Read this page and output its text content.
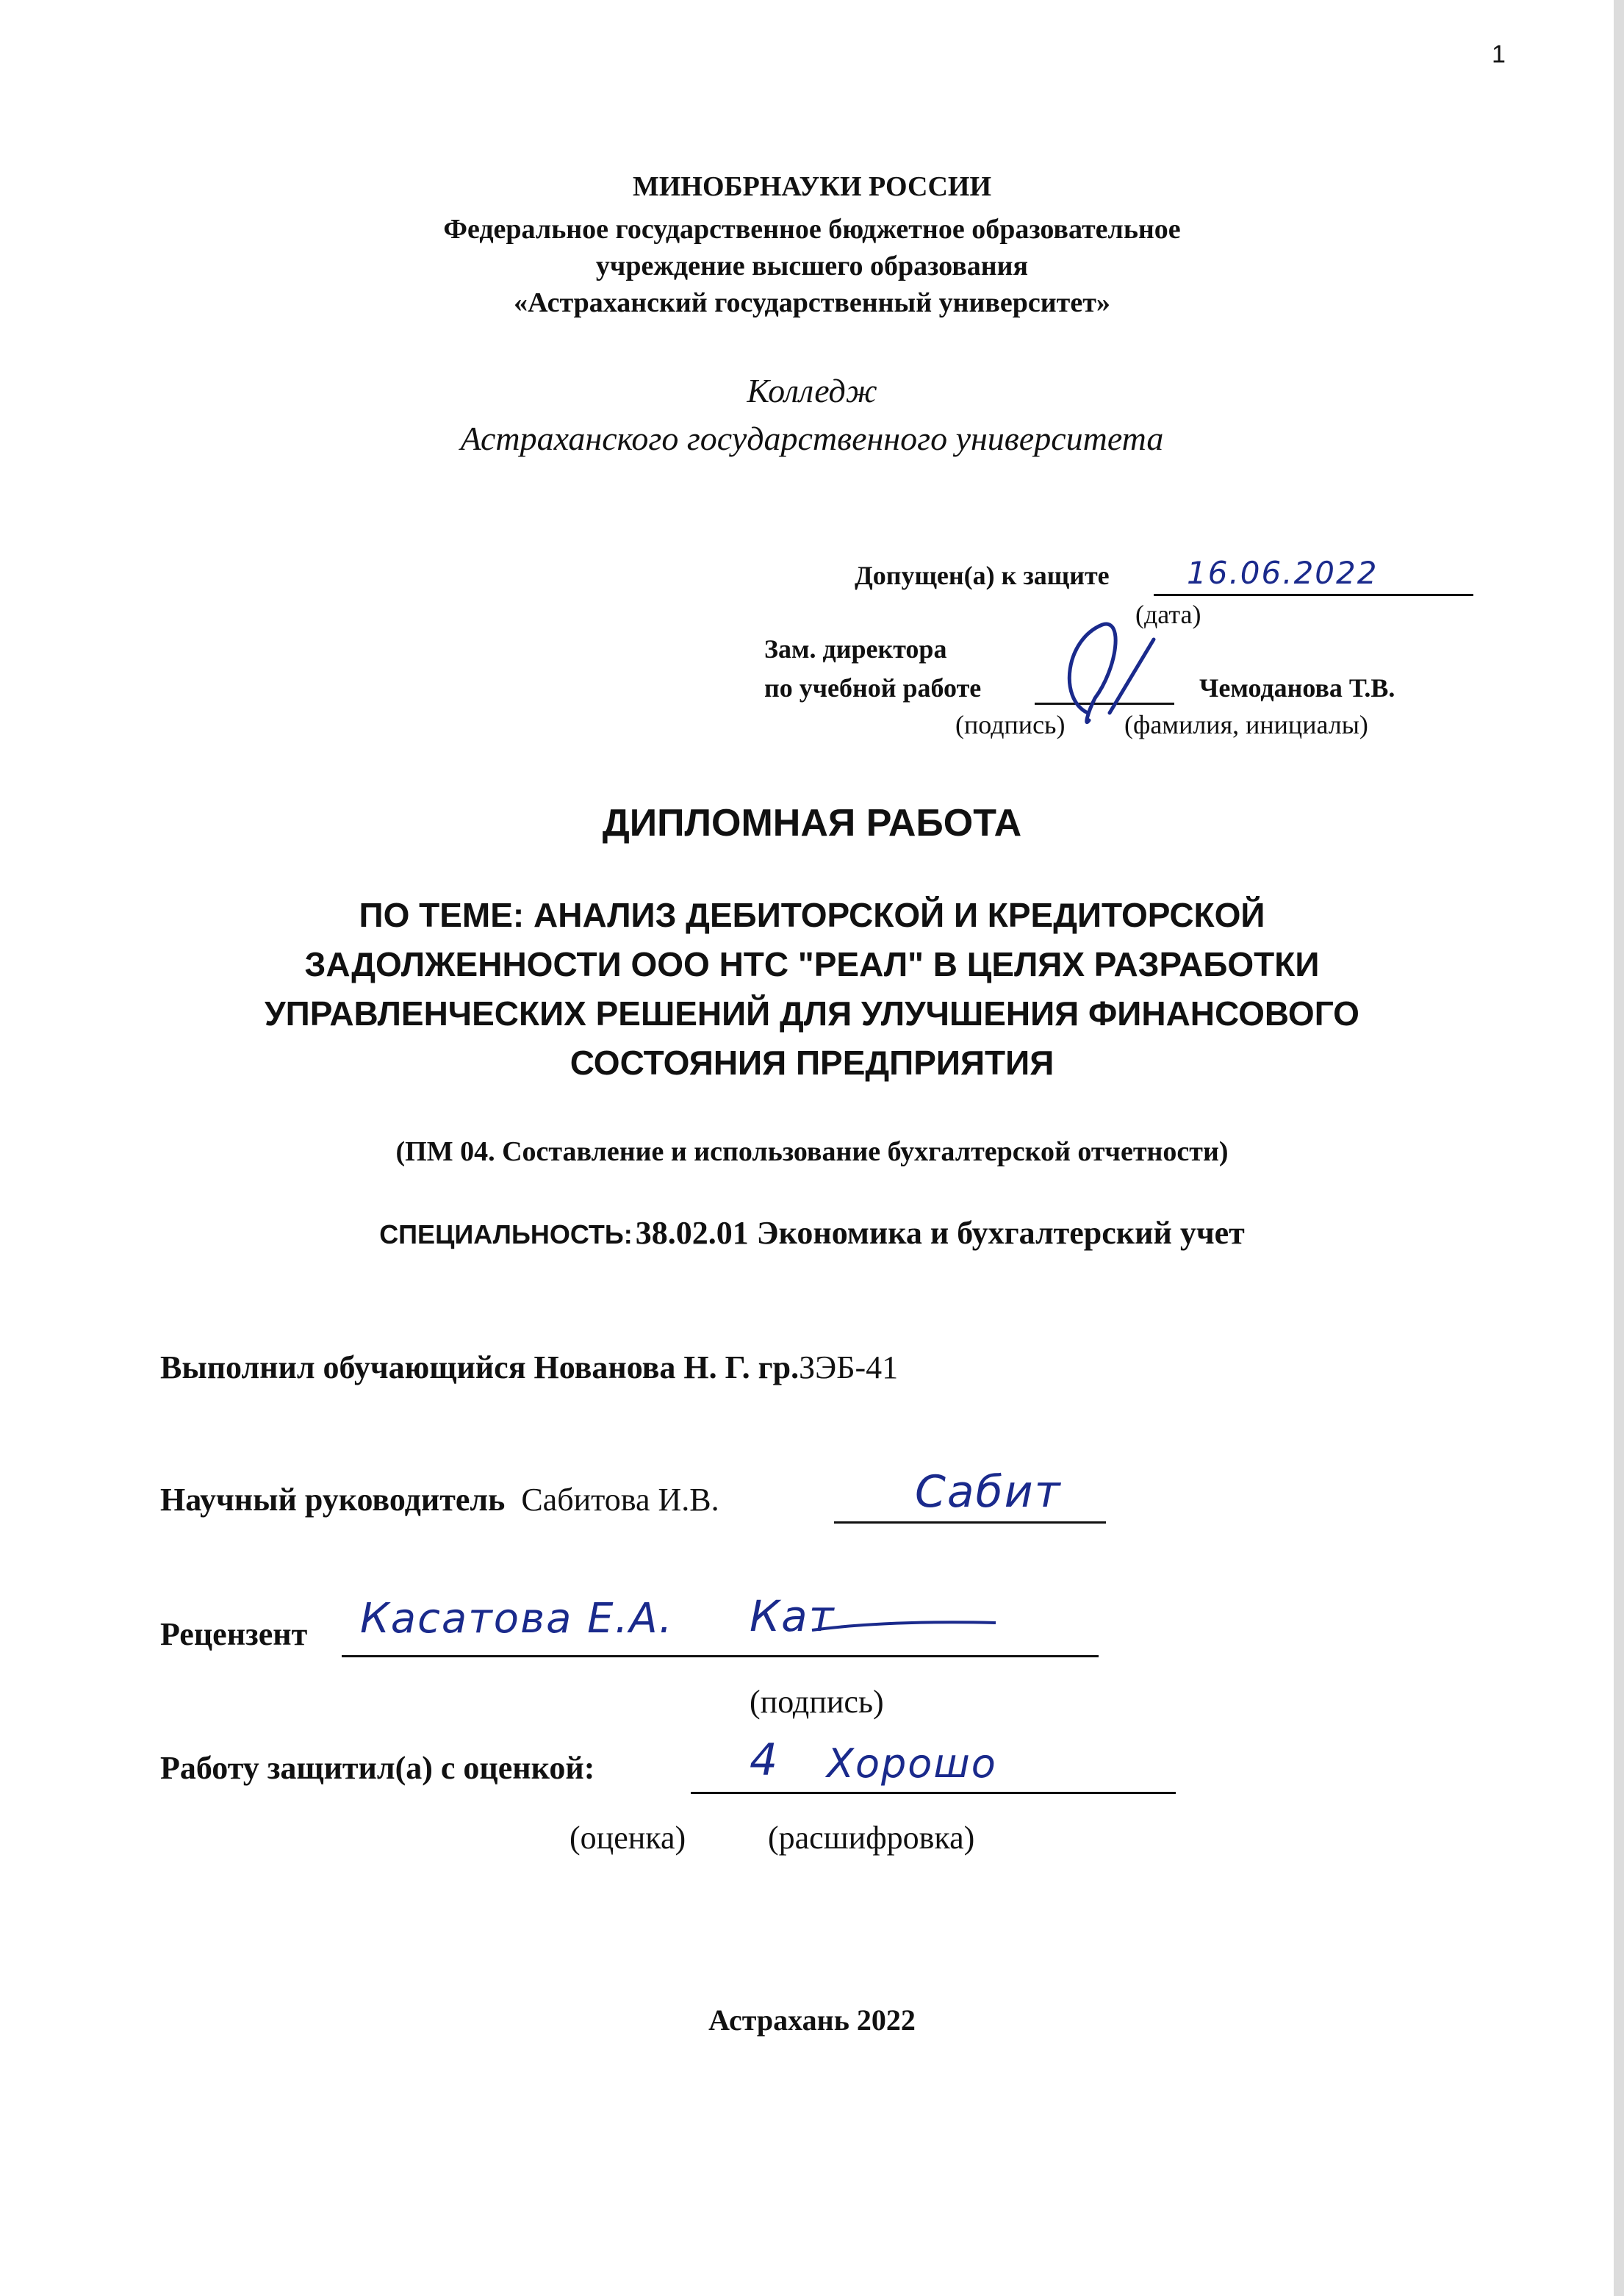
1
МИНОБРНАУКИ РОССИИ
Федеральное государственное бюджетное образовательное
учреждение высшего образования
«Астраханский государственный университет»
Колледж
Астраханского государственного университета
Допущен(а) к защите	16.06.2022
(дата)
Зам. директора
по учебной работе	Чемоданова Т.В.
(подпись) (фамилия, инициалы)
ДИПЛОМНАЯ РАБОТА
ПО ТЕМЕ: АНАЛИЗ ДЕБИТОРСКОЙ И КРЕДИТОРСКОЙ
ЗАДОЛЖЕННОСТИ ООО НТС "РЕАЛ" В ЦЕЛЯХ РАЗРАБОТКИ
УПРАВЛЕНЧЕСКИХ РЕШЕНИЙ ДЛЯ УЛУЧШЕНИЯ ФИНАНСОВОГО
СОСТОЯНИЯ ПРЕДПРИЯТИЯ
(ПМ 04. Составление и использование бухгалтерской отчетности)
СПЕЦИАЛЬНОСТЬ: 38.02.01 Экономика и бухгалтерский учет
Выполнил обучающийся Нованова Н. Г. гр.ЗЭБ-41
Научный руководитель Сабитова И.В.	Сабит
Рецензент Касатова Е.А. Кат
(подпись)
Работу защитил(а) с оценкой:	4 Хорошо
(оценка)	(расшифровка)
Астрахань 2022
